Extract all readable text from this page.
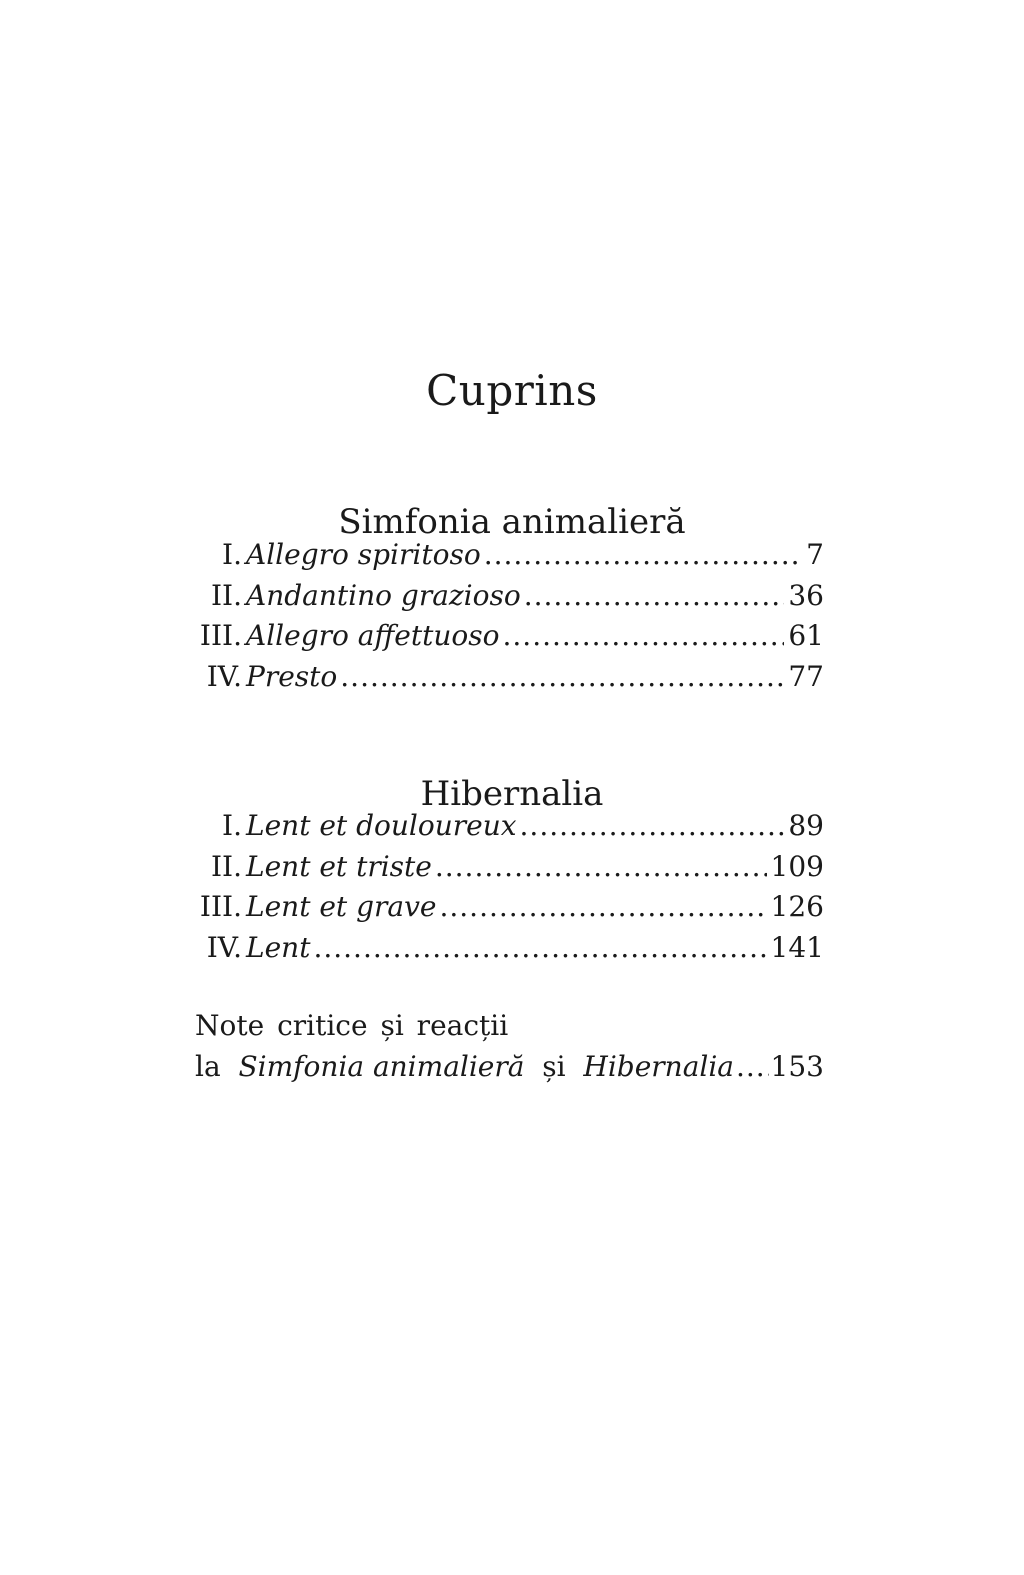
Cuprins
Simfonia animalieră
I. Allegro spiritoso .....	7
II. Andantino grazioso .....	36
III. Allegro affettuoso .....	61
IV. Presto .....	77
Hibernalia
I. Lent et douloureux .....	89
II. Lent et triste .....	109
III. Lent et grave .....	126
IV. Lent .....	141
Note critice și reacții
la
Simfonia animalieră
și
Hibernalia ..... 153
